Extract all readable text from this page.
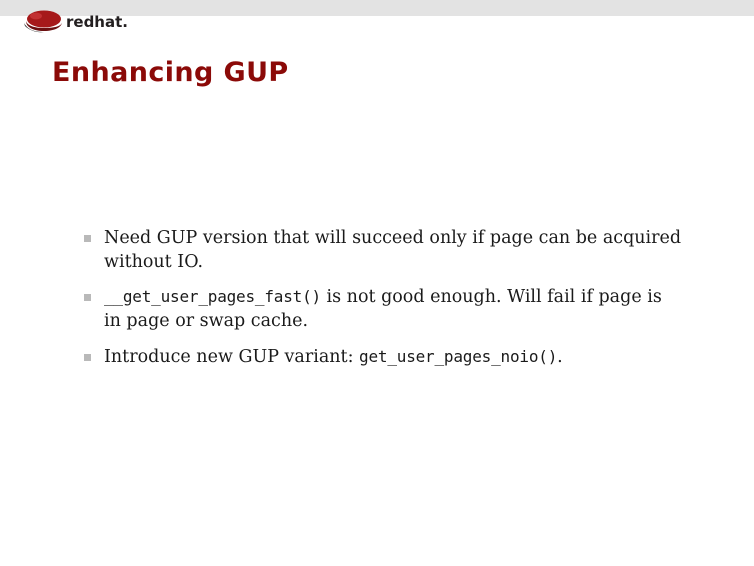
redhat.
Enhancing GUP
Need GUP version that will succeed only if page can be acquired without IO.
__get_user_pages_fast() is not good enough. Will fail if page is in page or swap cache.
Introduce new GUP variant: get_user_pages_noio().
